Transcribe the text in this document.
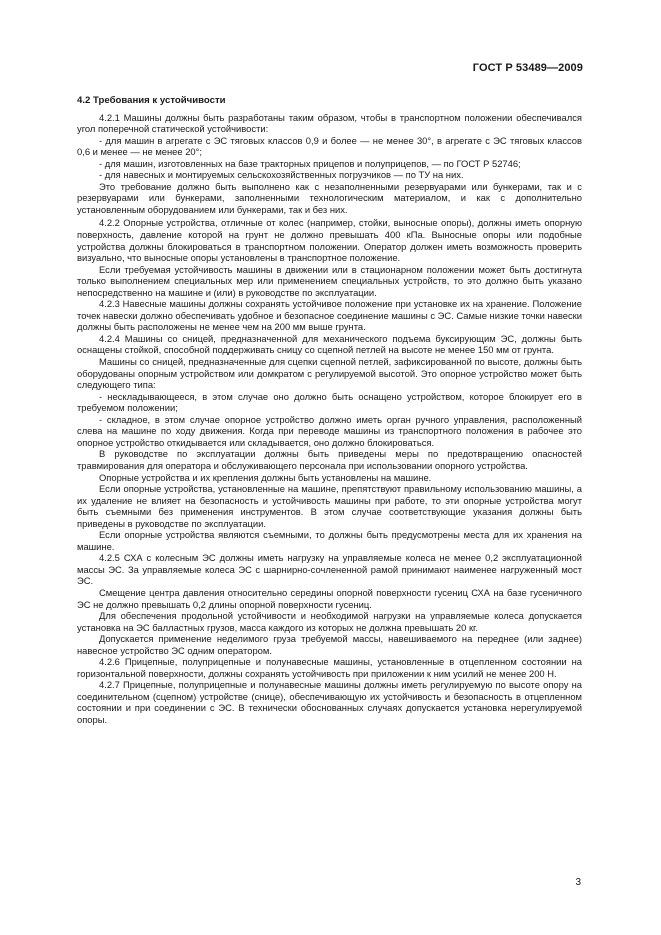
ГОСТ Р 53489—2009
4.2 Требования к устойчивости

4.2.1 Машины должны быть разработаны таким образом, чтобы в транспортном положении обеспечивался угол поперечной статической устойчивости:

- для машин в агрегате с ЭС тяговых классов 0,9 и более — не менее 30°, в агрегате с ЭС тяговых классов 0,6 и менее — не менее 20°;

- для машин, изготовленных на базе тракторных прицепов и полуприцепов, — по ГОСТ Р 52746;

- для навесных и монтируемых сельскохозяйственных погрузчиков — по ТУ на них.

Это требование должно быть выполнено как с незаполненными резервуарами или бункерами, так и с резервуарами или бункерами, заполненными технологическим материалом, и как с дополнительно установленным оборудованием или бункерами, так и без них.

4.2.2 Опорные устройства, отличные от колес (например, стойки, выносные опоры), должны иметь опорную поверхность, давление которой на грунт не должно превышать 400 кПа. Выносные опоры или подобные устройства должны блокироваться в транспортном положении. Оператор должен иметь возможность проверить визуально, что выносные опоры установлены в транспортное положение.

Если требуемая устойчивость машины в движении или в стационарном положении может быть достигнута только выполнением специальных мер или применением специальных устройств, то это должно быть указано непосредственно на машине и (или) в руководстве по эксплуатации.

4.2.3 Навесные машины должны сохранять устойчивое положение при установке их на хранение. Положение точек навески должно обеспечивать удобное и безопасное соединение машины с ЭС. Самые низкие точки навески должны быть расположены не менее чем на 200 мм выше грунта.

4.2.4 Машины со сницей, предназначенной для механического подъема буксирующим ЭС, должны быть оснащены стойкой, способной поддерживать сницу со сцепной петлей на высоте не менее 150 мм от грунта.

Машины со сницей, предназначенные для сцепки сцепной петлей, зафиксированной по высоте, должны быть оборудованы опорным устройством или домкратом с регулируемой высотой. Это опорное устройство может быть следующего типа:

- нескладывающееся, в этом случае оно должно быть оснащено устройством, которое блокирует его в требуемом положении;

- складное, в этом случае опорное устройство должно иметь орган ручного управления, расположенный слева на машине по ходу движения. Когда при переводе машины из транспортного положения в рабочее это опорное устройство откидывается или складывается, оно должно блокироваться.

В руководстве по эксплуатации должны быть приведены меры по предотвращению опасностей травмирования для оператора и обслуживающего персонала при использовании опорного устройства.

Опорные устройства и их крепления должны быть установлены на машине.

Если опорные устройства, установленные на машине, препятствуют правильному использованию машины, а их удаление не влияет на безопасность и устойчивость машины при работе, то эти опорные устройства могут быть съемными без применения инструментов. В этом случае соответствующие указания должны быть приведены в руководстве по эксплуатации.

Если опорные устройства являются съемными, то должны быть предусмотрены места для их хранения на машине.

4.2.5 СХА с колесным ЭС должны иметь нагрузку на управляемые колеса не менее 0,2 эксплуатационной массы ЭС. За управляемые колеса ЭС с шарнирно-сочлененной рамой принимают наименее нагруженный мост ЭС.

Смещение центра давления относительно середины опорной поверхности гусениц СХА на базе гусеничного ЭС не должно превышать 0,2 длины опорной поверхности гусениц.

Для обеспечения продольной устойчивости и необходимой нагрузки на управляемые колеса допускается установка на ЭС балластных грузов, масса каждого из которых не должна превышать 20 кг.

Допускается применение неделимого груза требуемой массы, навешиваемого на переднее (или заднее) навесное устройство ЭС одним оператором.

4.2.6 Прицепные, полуприцепные и полунавесные машины, установленные в отцепленном состоянии на горизонтальной поверхности, должны сохранять устойчивость при приложении к ним усилий не менее 200 Н.

4.2.7 Прицепные, полуприцепные и полунавесные машины должны иметь регулируемую по высоте опору на соединительном (сцепном) устройстве (снице), обеспечивающую их устойчивость и безопасность в отцепленном состоянии и при соединении с ЭС. В технически обоснованных случаях допускается установка нерегулируемой опоры.

3
